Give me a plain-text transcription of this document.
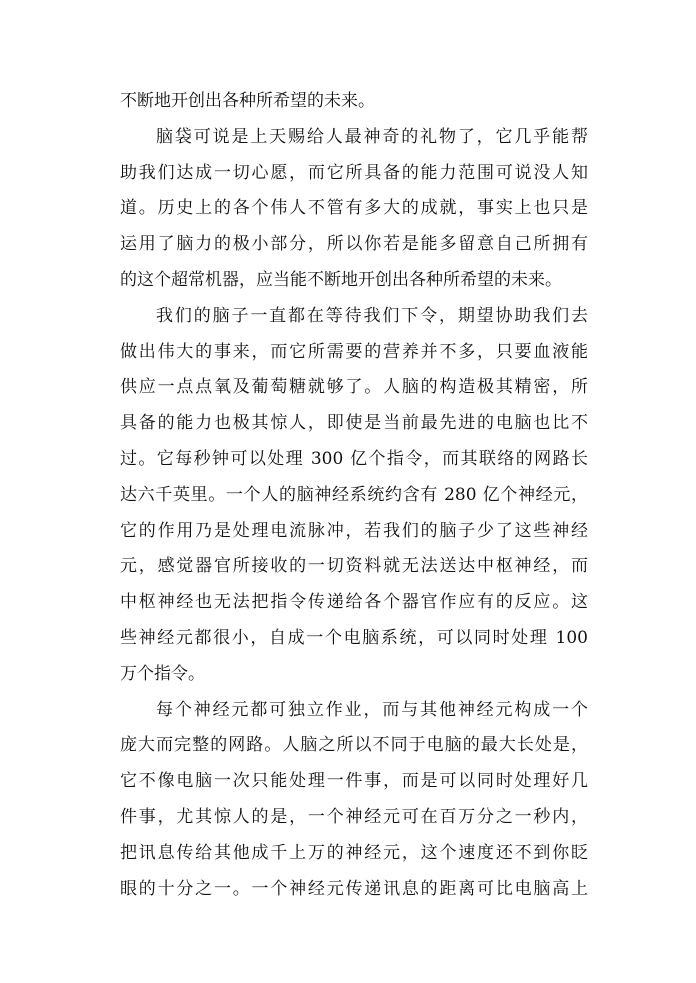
不断地开创出各种所希望的未来。
脑袋可说是上天赐给人最神奇的礼物了，它几乎能帮
助我们达成一切心愿，而它所具备的能力范围可说没人知
道。历史上的各个伟人不管有多大的成就，事实上也只是
运用了脑力的极小部分，所以你若是能多留意自己所拥有
的这个超常机器，应当能不断地开创出各种所希望的未来。
我们的脑子一直都在等待我们下令，期望协助我们去
做出伟大的事来，而它所需要的营养并不多，只要血液能
供应一点点氧及葡萄糖就够了。人脑的构造极其精密，所
具备的能力也极其惊人，即使是当前最先进的电脑也比不
过。它每秒钟可以处理 300 亿个指令，而其联络的网路长
达六千英里。一个人的脑神经系统约含有 280 亿个神经元，
它的作用乃是处理电流脉冲，若我们的脑子少了这些神经
元，感觉器官所接收的一切资料就无法送达中枢神经，而
中枢神经也无法把指令传递给各个器官作应有的反应。这
些神经元都很小，自成一个电脑系统，可以同时处理 100
万个指令。
每个神经元都可独立作业，而与其他神经元构成一个
庞大而完整的网路。人脑之所以不同于电脑的最大长处是，
它不像电脑一次只能处理一件事，而是可以同时处理好几
件事，尤其惊人的是，一个神经元可在百万分之一秒内，
把讯息传给其他成千上万的神经元，这个速度还不到你眨
眼的十分之一。一个神经元传递讯息的距离可比电脑高上
